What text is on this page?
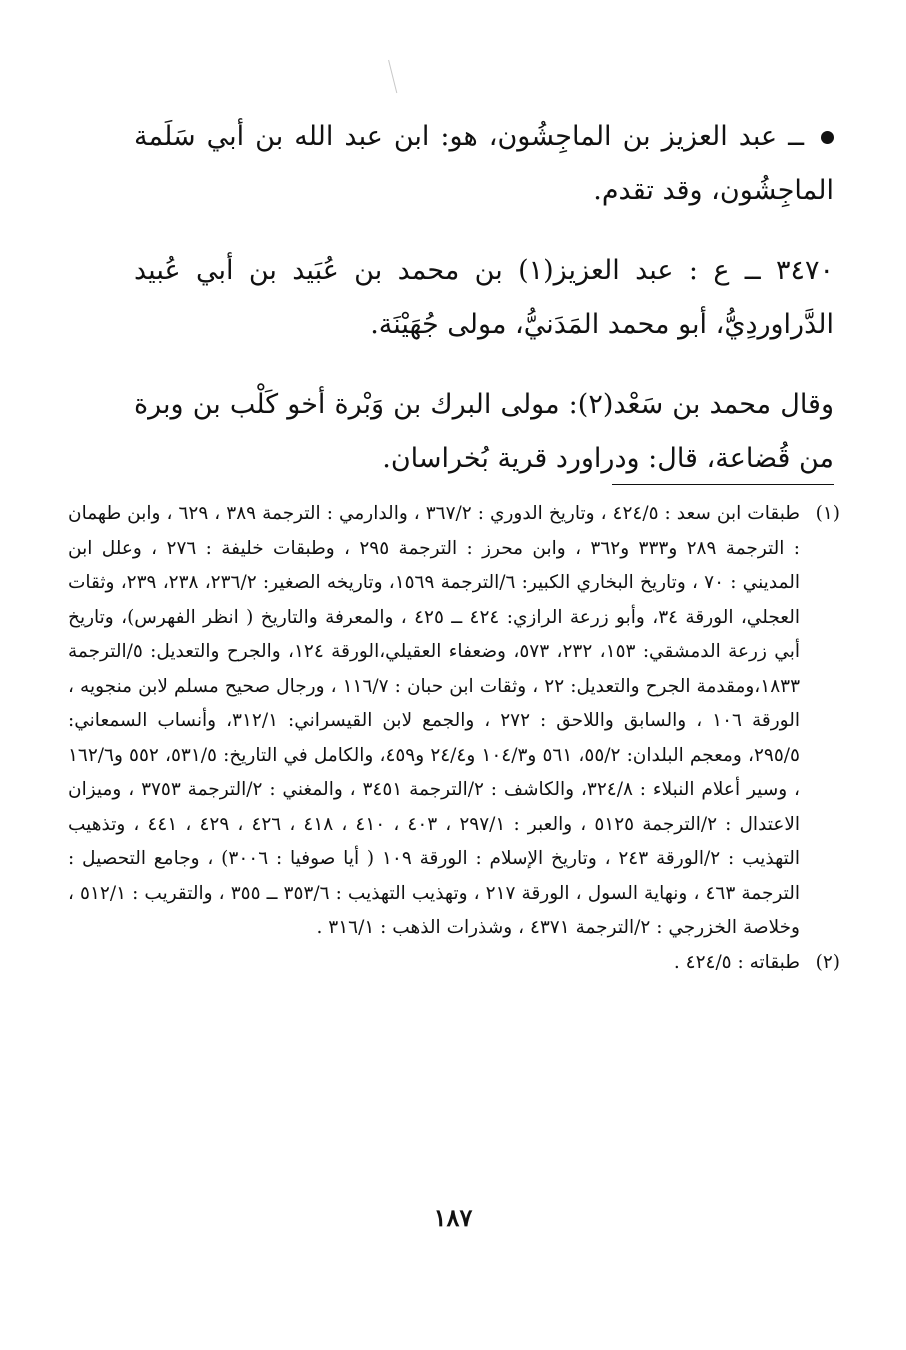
ــ عبد العزيز بن الماجِشُون، هو: ابن عبد الله بن أبي سَلَمة الماجِشُون، وقد تقدم.

٣٤٧٠ ــ ع : عبد العزيز(١) بن محمد بن عُبَيد بن أبي عُبيد الدَّراوردِيُّ، أبو محمد المَدَنيُّ، مولى جُهَيْنَة.

وقال محمد بن سَعْد(٢): مولى البرك بن وَبْرة أخو كَلْب بن وبرة من قُضاعة، قال: ودراورد قرية بُخراسان.

(١)
طبقات ابن سعد : ٤٢٤/٥ ، وتاريخ الدوري : ٣٦٧/٢ ، والدارمي : الترجمة ٣٨٩ ، ٦٢٩ ، وابن طهمان : الترجمة ٢٨٩ و٣٣٣ و٣٦٢ ، وابن محرز : الترجمة ٢٩٥ ، وطبقات خليفة : ٢٧٦ ، وعلل ابن المديني : ٧٠ ، وتاريخ البخاري الكبير: ٦/الترجمة ١٥٦٩، وتاريخه الصغير: ٢٣٦/٢، ٢٣٨، ٢٣٩، وثقات العجلي، الورقة ٣٤، وأبو زرعة الرازي: ٤٢٤ ــ ٤٢٥ ، والمعرفة والتاريخ ( انظر الفهرس)، وتاريخ أبي زرعة الدمشقي: ١٥٣، ٢٣٢، ٥٧٣، وضعفاء العقيلي،الورقة ١٢٤، والجرح والتعديل: ٥/الترجمة ١٨٣٣،ومقدمة الجرح والتعديل: ٢٢ ، وثقات ابن حبان : ١١٦/٧ ، ورجال صحيح مسلم لابن منجويه ، الورقة ١٠٦ ، والسابق واللاحق : ٢٧٢ ، والجمع لابن القيسراني: ٣١٢/١، وأنساب السمعاني: ٢٩٥/٥، ومعجم البلدان: ٥٥/٢، ٥٦١ و١٠٤/٣ و٢٤/٤ و٤٥٩، والكامل في التاريخ: ٥٣١/٥، ٥٥٢ و١٦٢/٦ ، وسير أعلام النبلاء : ٣٢٤/٨، والكاشف : ٢/الترجمة ٣٤٥١ ، والمغني : ٢/الترجمة ٣٧٥٣ ، وميزان الاعتدال : ٢/الترجمة ٥١٢٥ ، والعبر : ٢٩٧/١ ، ٤٠٣ ، ٤١٠ ، ٤١٨ ، ٤٢٦ ، ٤٢٩ ، ٤٤١ ، وتذهيب التهذيب : ٢/الورقة ٢٤٣ ، وتاريخ الإسلام : الورقة ١٠٩ ( أيا صوفيا : ٣٠٠٦) ، وجامع التحصيل : الترجمة ٤٦٣ ، ونهاية السول ، الورقة ٢١٧ ، وتهذيب التهذيب : ٣٥٣/٦ ــ ٣٥٥ ، والتقريب : ٥١٢/١ ، وخلاصة الخزرجي : ٢/الترجمة ٤٣٧١ ، وشذرات الذهب : ٣١٦/١ .
(٢)
طبقاته : ٤٢٤/٥ .
١٨٧
